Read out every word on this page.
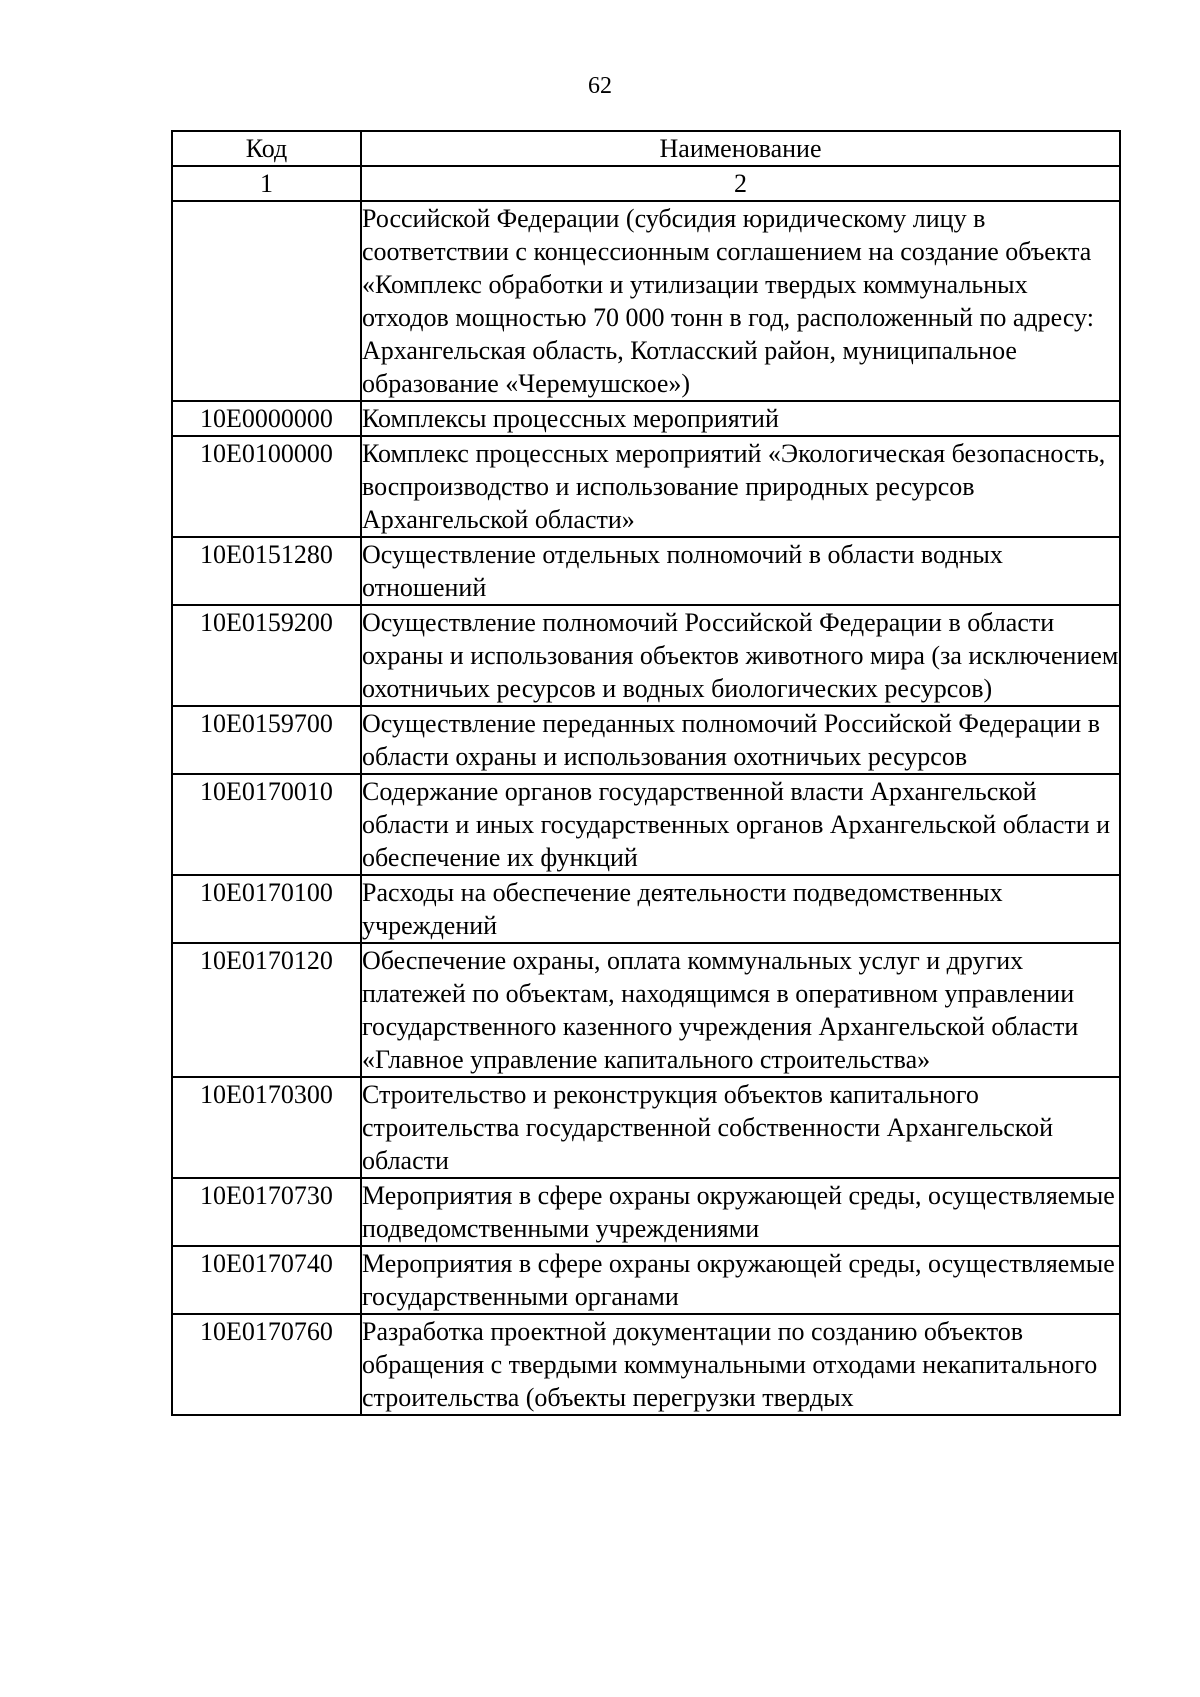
62
Код	Наименование
1	2
	Российской Федерации (субсидия юридическому лицу в соответствии с концессионным соглашением на создание объекта «Комплекс обработки и утилизации твердых коммунальных отходов мощностью 70 000 тонн в год, расположенный по адресу: Архангельская область, Котласский район, муниципальное образование «Черемушское»)
10Е0000000	Комплексы процессных мероприятий
10Е0100000	Комплекс процессных мероприятий «Экологическая безопасность, воспроизводство и использование природных ресурсов Архангельской области»
10Е0151280	Осуществление отдельных полномочий в области водных отношений
10Е0159200	Осуществление полномочий Российской Федерации в области охраны и использования объектов животного мира (за исключением охотничьих ресурсов и водных биологических ресурсов)
10Е0159700	Осуществление переданных полномочий Российской Федерации в области охраны и использования охотничьих ресурсов
10Е0170010	Содержание органов государственной власти Архангельской области и иных государственных органов Архангельской области и обеспечение их функций
10Е0170100	Расходы на обеспечение деятельности подведомственных учреждений
10Е0170120	Обеспечение охраны, оплата коммунальных услуг и других платежей по объектам, находящимся в оперативном управлении государственного казенного учреждения Архангельской области «Главное управление капитального строительства»
10Е0170300	Строительство и реконструкция объектов капитального строительства государственной собственности Архангельской области
10Е0170730	Мероприятия в сфере охраны окружающей среды, осуществляемые подведомственными учреждениями
10Е0170740	Мероприятия в сфере охраны окружающей среды, осуществляемые государственными органами
10Е0170760	Разработка проектной документации по созданию объектов обращения с твердыми коммунальными отходами некапитального строительства (объекты перегрузки твердых
